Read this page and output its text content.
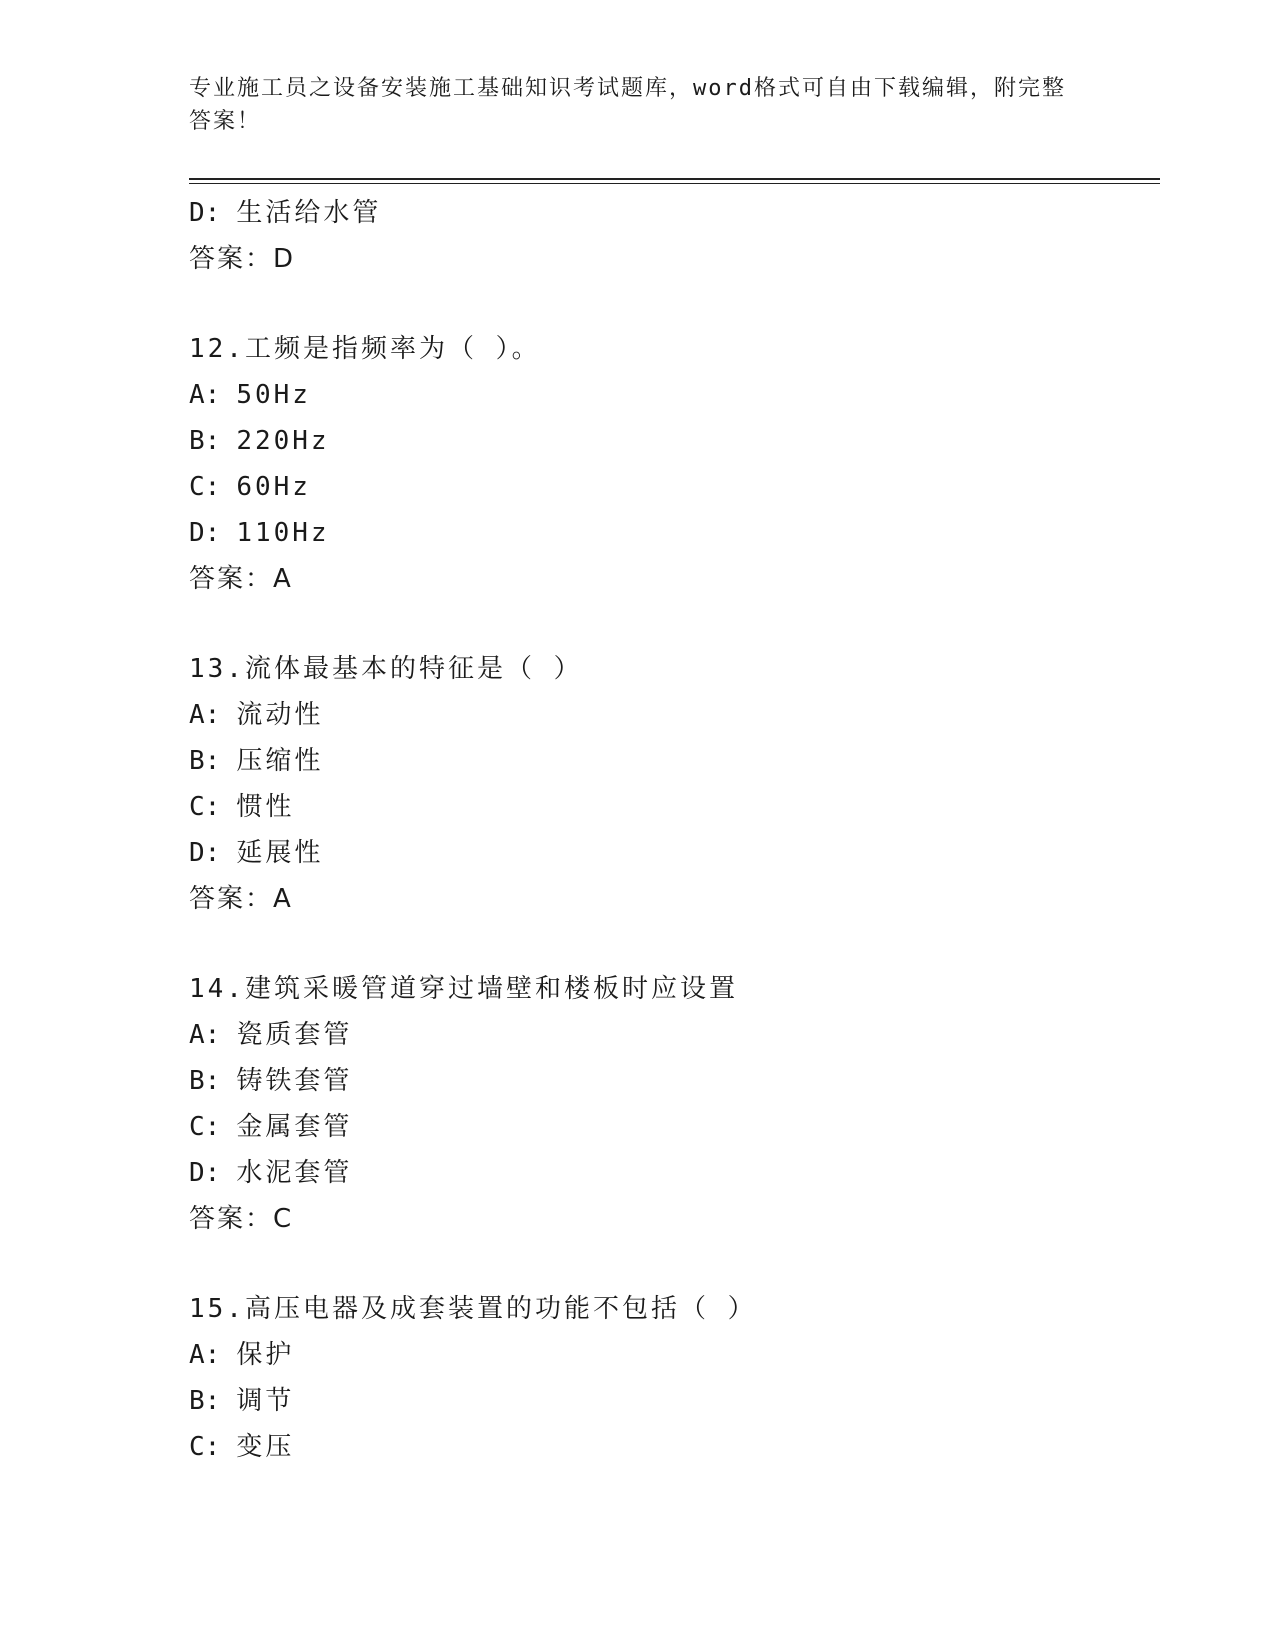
专业施工员之设备安装施工基础知识考试题库，word格式可自由下载编辑，附完整答案！
D: 生活给水管
答案：D
12.工频是指频率为（ ）。
A: 50Hz
B: 220Hz
C: 60Hz
D: 110Hz
答案：A
13.流体最基本的特征是（ ）
A: 流动性
B: 压缩性
C: 惯性
D: 延展性
答案：A
14.建筑采暖管道穿过墙壁和楼板时应设置
A: 瓷质套管
B: 铸铁套管
C: 金属套管
D: 水泥套管
答案：C
15.高压电器及成套装置的功能不包括（ ）
A: 保护
B: 调节
C: 变压
